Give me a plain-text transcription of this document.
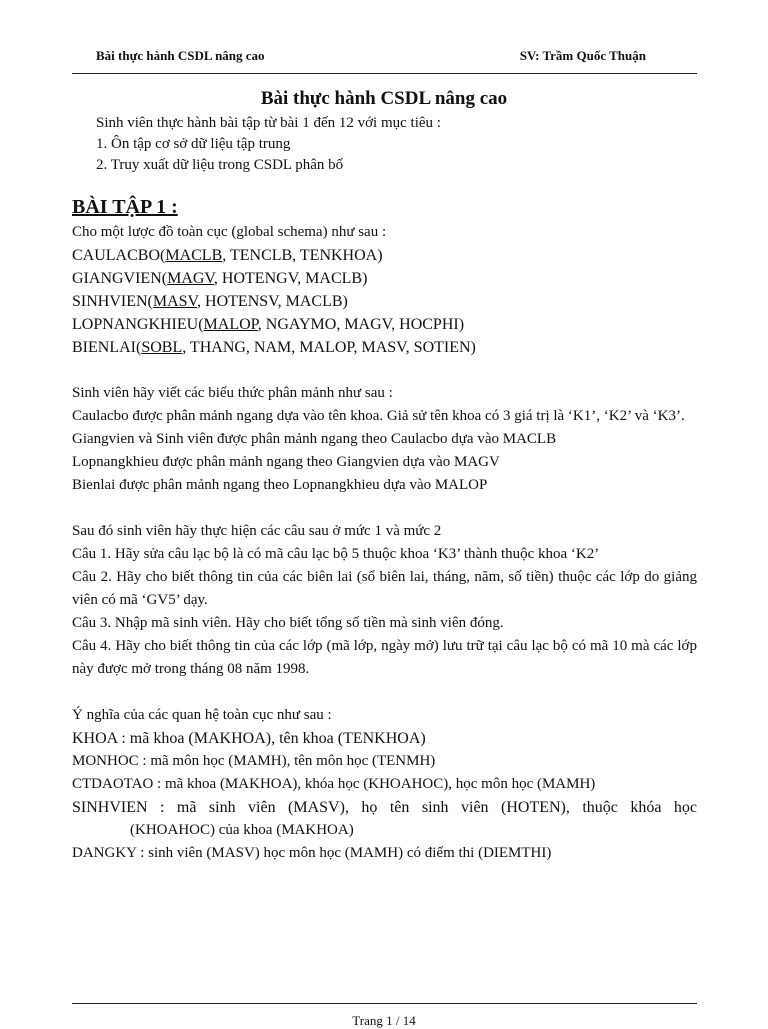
Bài thực hành CSDL nâng cao	SV: Trầm Quốc Thuận
Bài thực hành CSDL nâng cao
Sinh viên thực hành bài tập từ bài 1 đến 12 với mục tiêu :
1. Ôn tập cơ sở dữ liệu tập trung
2. Truy xuất dữ liệu trong CSDL phân bố
BÀI TẬP 1 :
Cho một lược đồ toàn cục (global schema) như sau :
CAULACBO(MACLB, TENCLB, TENKHOA)
GIANGVIEN(MAGV, HOTENGV, MACLB)
SINHVIEN(MASV, HOTENSV, MACLB)
LOPNANGKHIEU(MALOP, NGAYMO, MAGV, HOCPHI)
BIENLAI(SOBL, THANG, NAM, MALOP, MASV, SOTIEN)
Sinh viên hãy viết các biểu thức phân mảnh như sau :
Caulacbo được phân mảnh ngang dựa vào tên khoa. Giả sử tên khoa có 3 giá trị là ‘K1’, ‘K2’ và ‘K3’.
Giangvien và Sinh viên được phân mảnh ngang theo Caulacbo dựa vào MACLB
Lopnangkhieu được phân mảnh ngang theo Giangvien dựa vào MAGV
Bienlai được phân mảnh ngang theo Lopnangkhieu dựa vào MALOP
Sau đó sinh viên hãy thực hiện các câu sau ở mức 1 và mức 2
Câu 1. Hãy sửa câu lạc bộ là có mã câu lạc bộ 5 thuộc khoa ‘K3’ thành thuộc khoa ‘K2’
Câu 2. Hãy cho biết thông tin của các biên lai (số biên lai, tháng, năm, số tiền) thuộc các lớp do giảng viên có mã ‘GV5’ dạy.
Câu 3. Nhập mã sinh viên. Hãy cho biết tổng số tiền mà sinh viên đóng.
Câu 4. Hãy cho biết thông tin của các lớp (mã lớp, ngày mở) lưu trữ tại câu lạc bộ có mã 10 mà các lớp này được mở trong tháng 08 năm 1998.
Ý nghĩa của các quan hệ toàn cục như sau :
KHOA : mã khoa (MAKHOA), tên khoa (TENKHOA)
MONHOC : mã môn học (MAMH), tên môn học (TENMH)
CTDAOTAO : mã khoa (MAKHOA), khóa học (KHOAHOC), học môn học (MAMH)
SINHVIEN : mã sinh viên (MASV), họ tên sinh viên (HOTEN), thuộc khóa học
(KHOAHOC) của khoa (MAKHOA)
DANGKY : sinh viên (MASV) học môn học (MAMH) có điểm thi (DIEMTHI)
Trang 1 / 14
